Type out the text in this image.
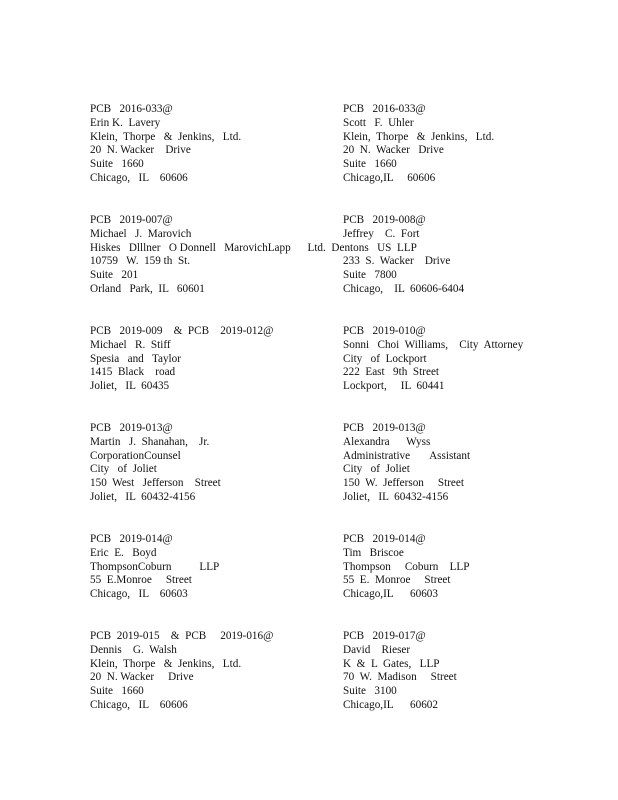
PCB   2016-033@
Erin K.  Lavery
Klein,  Thorpe   &  Jenkins,   Ltd.
20  N. Wacker    Drive
Suite   1660
Chicago,   IL    60606
PCB   2016-033@
Scott   F.  Uhler
Klein,  Thorpe   &  Jenkins,   Ltd.
20  N.  Wacker   Drive
Suite   1660
Chicago,IL     60606
PCB   2019-007@
Michael   J.  Marovich
Hiskes   Dlllner   O Donnell   MarovichLapp      Ltd.  Dentons   US  LLP
10759   W.  159 th  St.
Suite   201
Orland   Park,  IL   60601
PCB   2019-008@
Jeffrey    C.  Fort
233  S.  Wacker    Drive
Suite   7800
Chicago,    IL  60606-6404
PCB   2019-009    &  PCB    2019-012@
Michael   R.  Stiff
Spesia   and   Taylor
1415  Black    road
Joliet,   IL  60435
PCB   2019-010@
Sonni   Choi  Williams,    City  Attorney
City   of  Lockport
222  East   9th  Street
Lockport,     IL  60441
PCB   2019-013@
Martin   J.  Shanahan,    Jr.
CorporationCounsel
City   of  Joliet
150  West   Jefferson    Street
Joliet,   IL  60432-4156
PCB   2019-013@
Alexandra      Wyss
Administrative       Assistant
City   of  Joliet
150  W.  Jefferson     Street
Joliet,   IL  60432-4156
PCB   2019-014@
Eric  E.   Boyd
ThompsonCoburn          LLP
55  E.Monroe     Street
Chicago,   IL    60603
PCB   2019-014@
Tim   Briscoe
Thompson     Coburn    LLP
55  E.  Monroe     Street
Chicago,IL      60603
PCB  2019-015    &  PCB     2019-016@
Dennis    G.  Walsh
Klein,  Thorpe   &  Jenkins,   Ltd.
20  N. Wacker     Drive
Suite   1660
Chicago,   IL    60606
PCB   2019-017@
David    Rieser
K  &  L  Gates,   LLP
70  W.  Madison     Street
Suite   3100
Chicago,IL      60602
